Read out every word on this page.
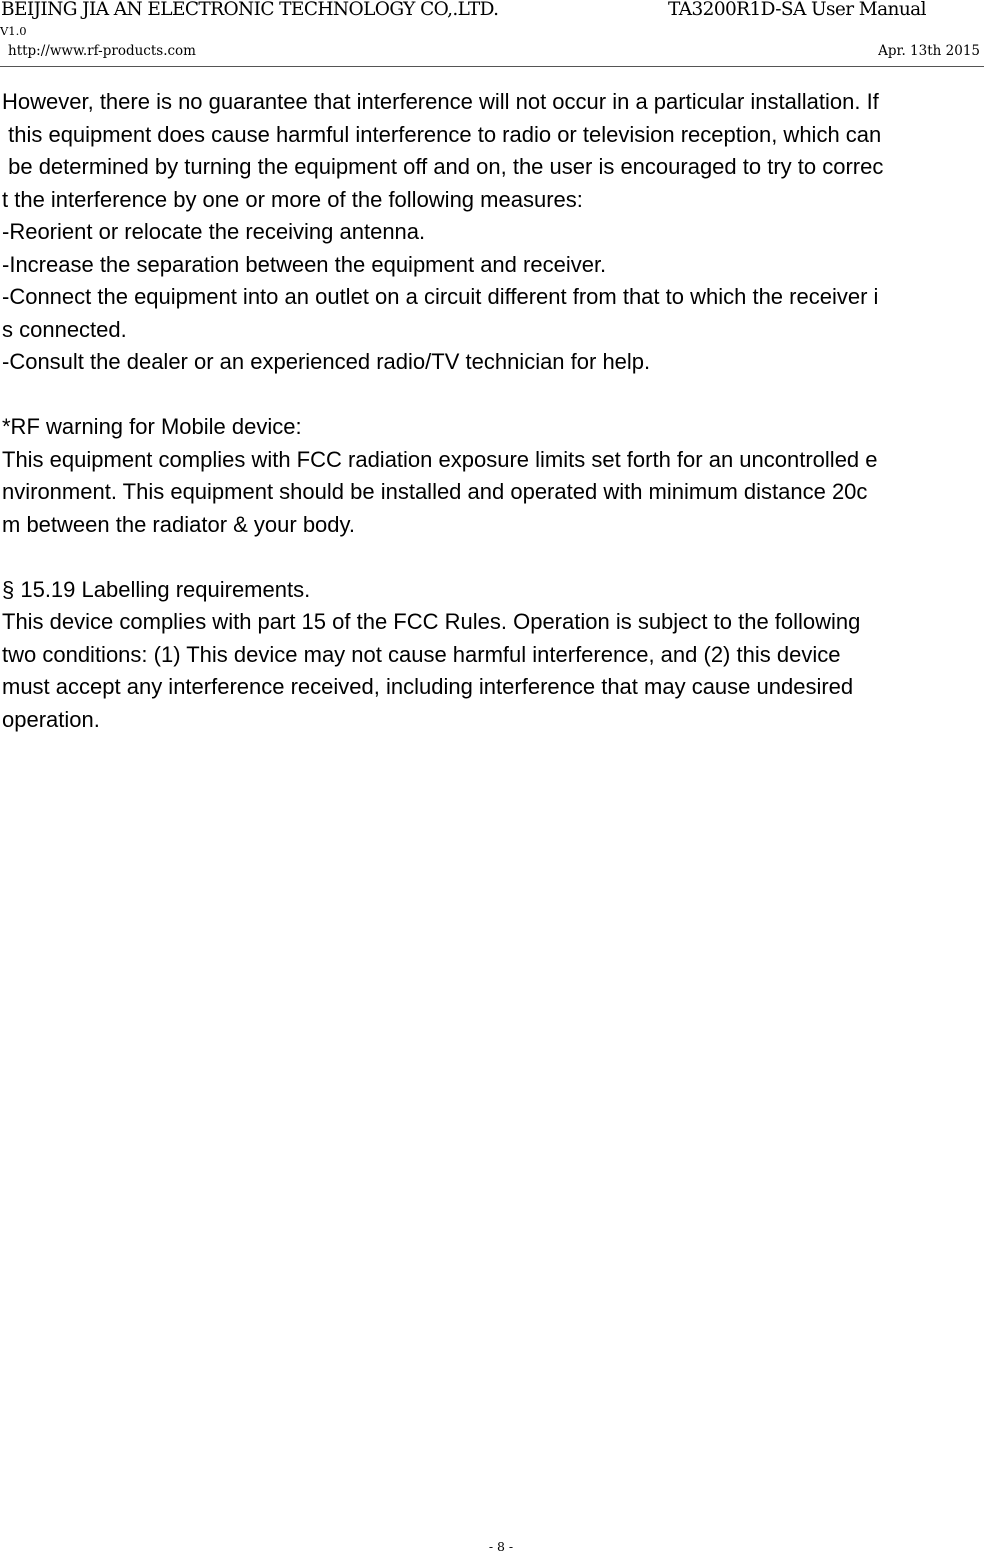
BEIJING JIA AN ELECTRONIC TECHNOLOGY CO,.LTD.	TA3200R1D-SA User Manual
V1.0
http://www.rf-products.com	Apr. 13th 2015
However, there is no guarantee that interference will not occur in a particular installation. If
this equipment does cause harmful interference to radio or television reception, which can
be determined by turning the equipment off and on, the user is encouraged to try to correc
t the interference by one or more of the following measures:
-Reorient or relocate the receiving antenna.
-Increase the separation between the equipment and receiver.
-Connect the equipment into an outlet on a circuit different from that to which the receiver i
s connected.
-Consult the dealer or an experienced radio/TV technician for help.
*RF warning for Mobile device:
This equipment complies with FCC radiation exposure limits set forth for an uncontrolled e
nvironment. This equipment should be installed and operated with minimum distance 20c
m between the radiator & your body.
§ 15.19 Labelling requirements.
This device complies with part 15 of the FCC Rules. Operation is subject to the following
two conditions: (1) This device may not cause harmful interference, and (2) this device
must accept any interference received, including interference that may cause undesired
operation.
- 8 -
